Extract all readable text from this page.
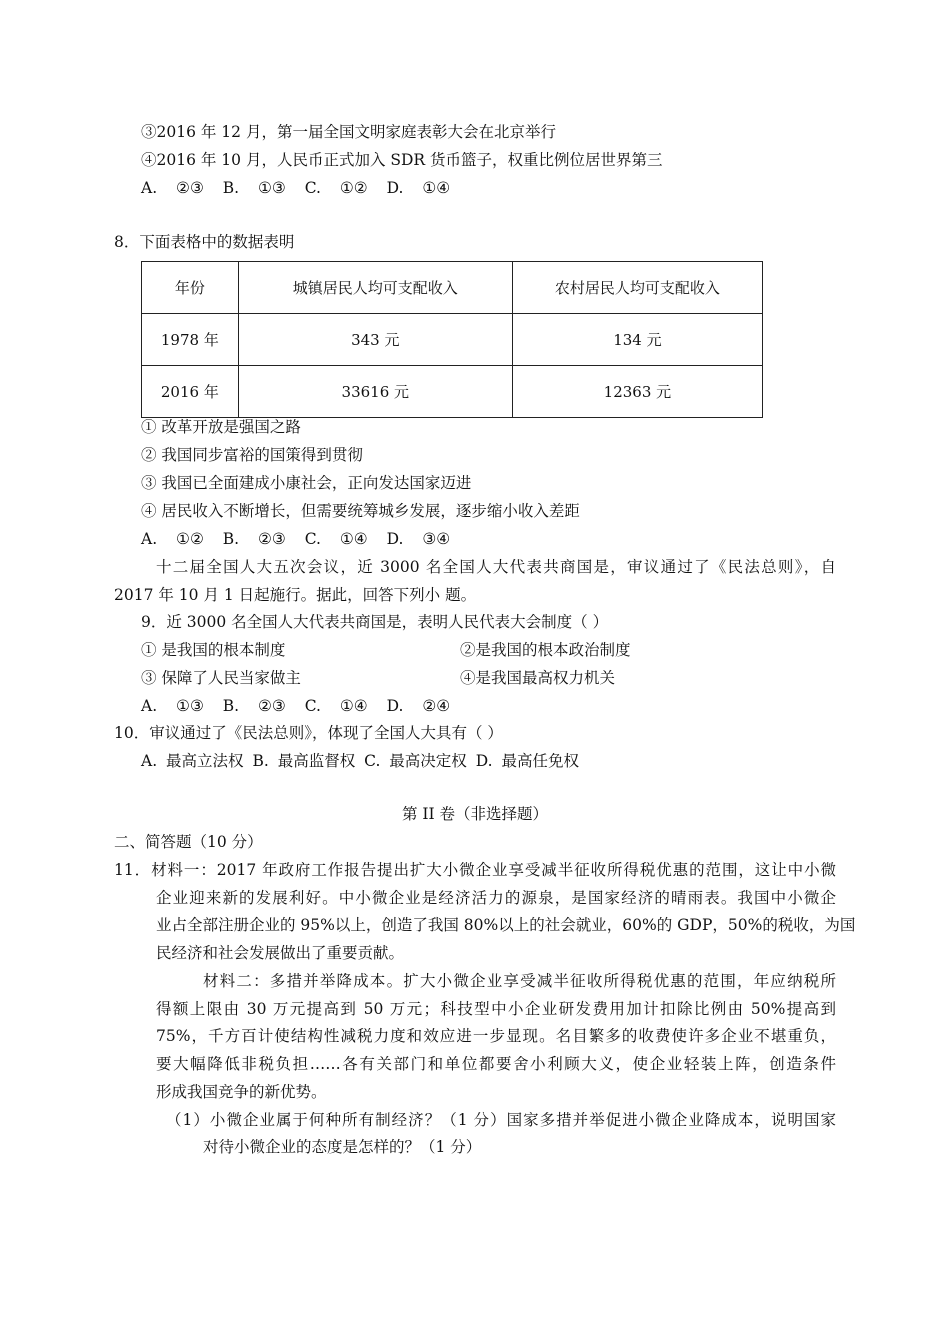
③2016 年 12 月，第一届全国文明家庭表彰大会在北京举行
④2016 年 10 月，人民币正式加入 SDR 货币篮子，权重比例位居世界第三
A. ②③ B. ①③ C. ①② D. ①④
8．下面表格中的数据表明
年份	城镇居民人均可支配收入	农村居民人均可支配收入
1978 年	343 元	134 元
2016 年	33616 元	12363 元
① 改革开放是强国之路
② 我国同步富裕的国策得到贯彻
③ 我国已全面建成小康社会，正向发达国家迈进
④ 居民收入不断增长，但需要统筹城乡发展，逐步缩小收入差距
A. ①② B. ②③ C. ①④ D. ③④
十二届全国人大五次会议，近 3000 名全国人大代表共商国是，审议通过了《民法总则》，自
2017 年 10 月 1 日起施行。据此，回答下列小 题。
9．近 3000 名全国人大代表共商国是，表明人民代表大会制度（ ）
① 是我国的根本制度	②是我国的根本政治制度
③ 保障了人民当家做主	④是我国最高权力机关
A. ①③ B. ②③ C. ①④ D. ②④
10．审议通过了《民法总则》，体现了全国人大具有（ ）
A. 最高立法权 B. 最高监督权 C. 最高决定权 D. 最高任免权
第 II 卷（非选择题）
二、简答题（10 分）
11．材料一：2017 年政府工作报告提出扩大小微企业享受减半征收所得税优惠的范围，这让中小微
企业迎来新的发展利好。中小微企业是经济活力的源泉，是国家经济的晴雨表。我国中小微企
业占全部注册企业的 95%以上，创造了我国 80%以上的社会就业，60%的 GDP，50%的税收，为国
民经济和社会发展做出了重要贡献。
材料二：多措并举降成本。扩大小微企业享受减半征收所得税优惠的范围，年应纳税所
得额上限由 30 万元提高到 50 万元；科技型中小企业研发费用加计扣除比例由 50%提高到
75%，千方百计使结构性减税力度和效应进一步显现。名目繁多的收费使许多企业不堪重负，
要大幅降低非税负担……各有关部门和单位都要舍小利顾大义，使企业轻装上阵，创造条件
形成我国竞争的新优势。
（1）小微企业属于何种所有制经济？（1 分）国家多措并举促进小微企业降成本，说明国家
对待小微企业的态度是怎样的？（1 分）
